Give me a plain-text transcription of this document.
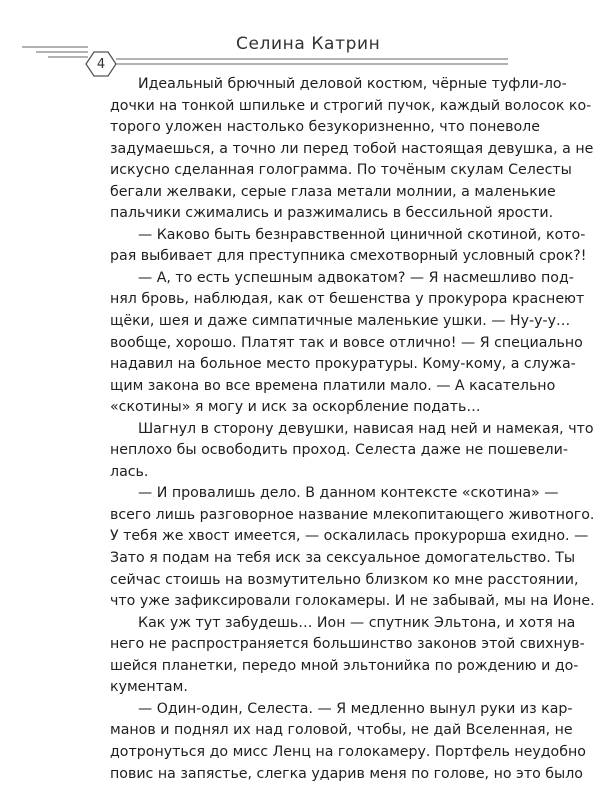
4
Селина Катрин
Идеальный брючный деловой костюм, чёрные туфли-ло-
дочки на тонкой шпильке и строгий пучок, каждый волосок ко-
торого уложен настолько безукоризненно, что поневоле
задумаешься, а точно ли перед тобой настоящая девушка, а не
искусно сделанная голограмма. По точёным скулам Селесты
бегали желваки, серые глаза метали молнии, а маленькие
пальчики сжимались и разжимались в бессильной ярости.
— Каково быть безнравственной циничной скотиной, кото-
рая выбивает для преступника смехотворный условный срок?!
— А, то есть успешным адвокатом? — Я насмешливо под-
нял бровь, наблюдая, как от бешенства у прокурора краснеют
щёки, шея и даже симпатичные маленькие ушки. — Ну-у-у…
вообще, хорошо. Платят так и вовсе отлично! — Я специально
надавил на больное место прокуратуры. Кому-кому, а служа-
щим закона во все времена платили мало. — А касательно
«скотины» я могу и иск за оскорбление подать…
Шагнул в сторону девушки, нависая над ней и намекая, что
неплохо бы освободить проход. Селеста даже не пошевели-
лась.
— И провалишь дело. В данном контексте «скотина» —
всего лишь разговорное название млекопитающего животного.
У тебя же хвост имеется, — оскалилась прокурорша ехидно. —
Зато я подам на тебя иск за сексуальное домогательство. Ты
сейчас стоишь на возмутительно близком ко мне расстоянии,
что уже зафиксировали голокамеры. И не забывай, мы на Ионе.
Как уж тут забудешь… Ион — спутник Эльтона, и хотя на
него не распространяется большинство законов этой свихнув-
шейся планетки, передо мной эльтонийка по рождению и до-
кументам.
— Один-один, Селеста. — Я медленно вынул руки из кар-
манов и поднял их над головой, чтобы, не дай Вселенная, не
дотронуться до мисс Ленц на голокамеру. Портфель неудобно
повис на запястье, слегка ударив меня по голове, но это было
